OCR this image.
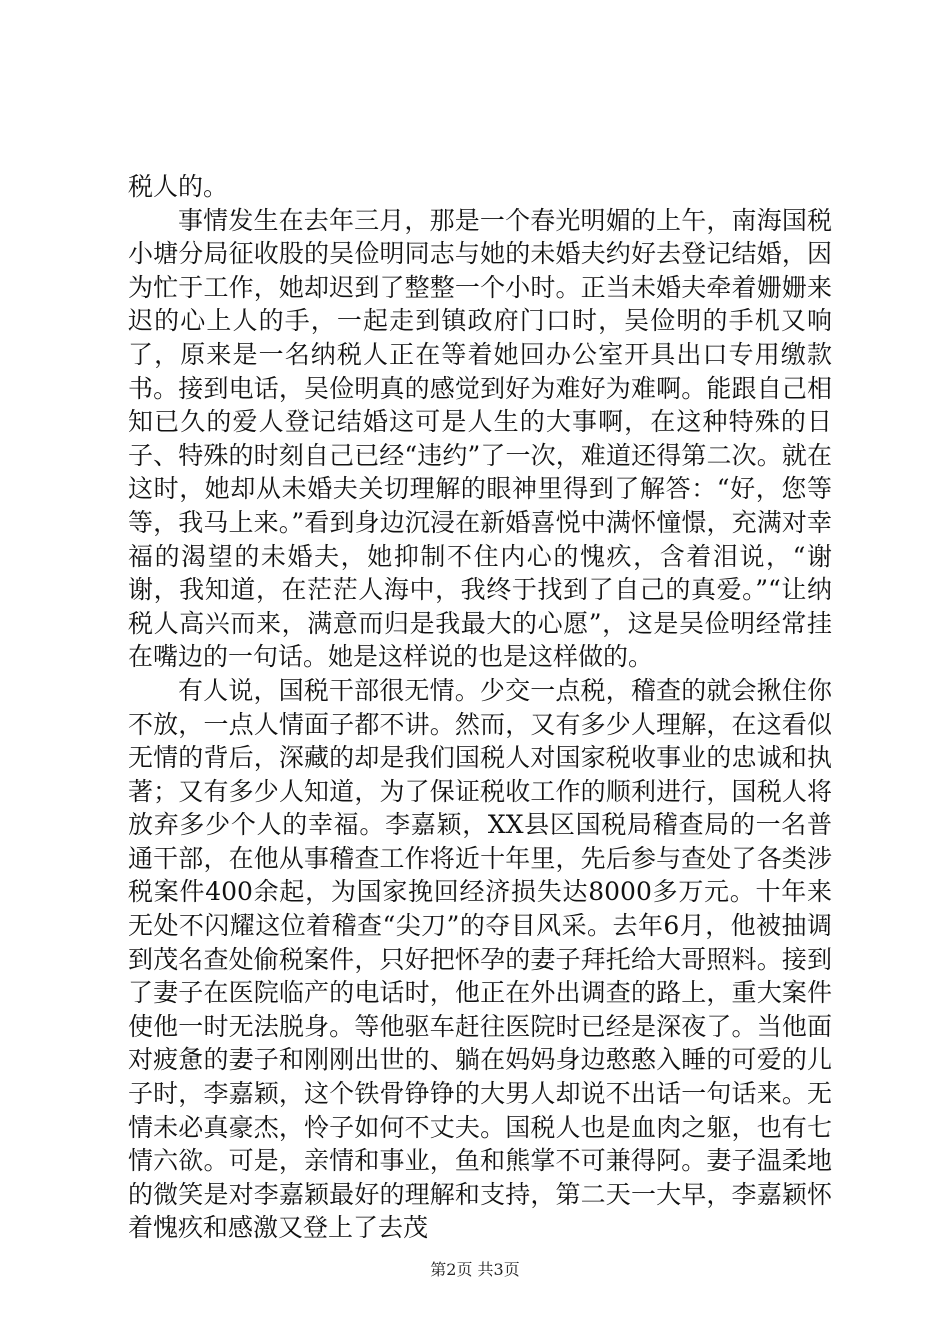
税人的。

事情发生在去年三月，那是一个春光明媚的上午，南海国税小塘分局征收股的吴俭明同志与她的未婚夫约好去登记结婚，因为忙于工作，她却迟到了整整一个小时。正当未婚夫牵着姗姗来迟的心上人的手，一起走到镇政府门口时，吴俭明的手机又响了，原来是一名纳税人正在等着她回办公室开具出口专用缴款书。接到电话，吴俭明真的感觉到好为难好为难啊。能跟自己相知已久的爱人登记结婚这可是人生的大事啊，在这种特殊的日子、特殊的时刻自己已经“违约”了一次，难道还得第二次。就在这时，她却从未婚夫关切理解的眼神里得到了解答：“好，您等等，我马上来。”看到身边沉浸在新婚喜悦中满怀憧憬，充满对幸福的渴望的未婚夫，她抑制不住内心的愧疚，含着泪说，“谢谢，我知道，在茫茫人海中，我终于找到了自己的真爱。”“让纳税人高兴而来，满意而归是我最大的心愿”，这是吴俭明经常挂在嘴边的一句话。她是这样说的也是这样做的。

有人说，国税干部很无情。少交一点税，稽查的就会揪住你不放，一点人情面子都不讲。然而，又有多少人理解，在这看似无情的背后，深藏的却是我们国税人对国家税收事业的忠诚和执著；又有多少人知道，为了保证税收工作的顺利进行，国税人将放弃多少个人的幸福。李嘉颖，XX县区国税局稽查局的一名普通干部，在他从事稽查工作将近十年里，先后参与查处了各类涉税案件400余起，为国家挽回经济损失达8000多万元。十年来无处不闪耀这位着稽查“尖刀”的夺目风采。去年6月，他被抽调到茂名查处偷税案件，只好把怀孕的妻子拜托给大哥照料。接到了妻子在医院临产的电话时，他正在外出调查的路上，重大案件使他一时无法脱身。等他驱车赶往医院时已经是深夜了。当他面对疲惫的妻子和刚刚出世的、躺在妈妈身边憨憨入睡的可爱的儿子时，李嘉颖，这个铁骨铮铮的大男人却说不出话一句话来。无情未必真豪杰，怜子如何不丈夫。国税人也是血肉之躯，也有七情六欲。可是，亲情和事业，鱼和熊掌不可兼得阿。妻子温柔地的微笑是对李嘉颖最好的理解和支持，第二天一大早，李嘉颖怀着愧疚和感激又登上了去茂

第2页 共3页
